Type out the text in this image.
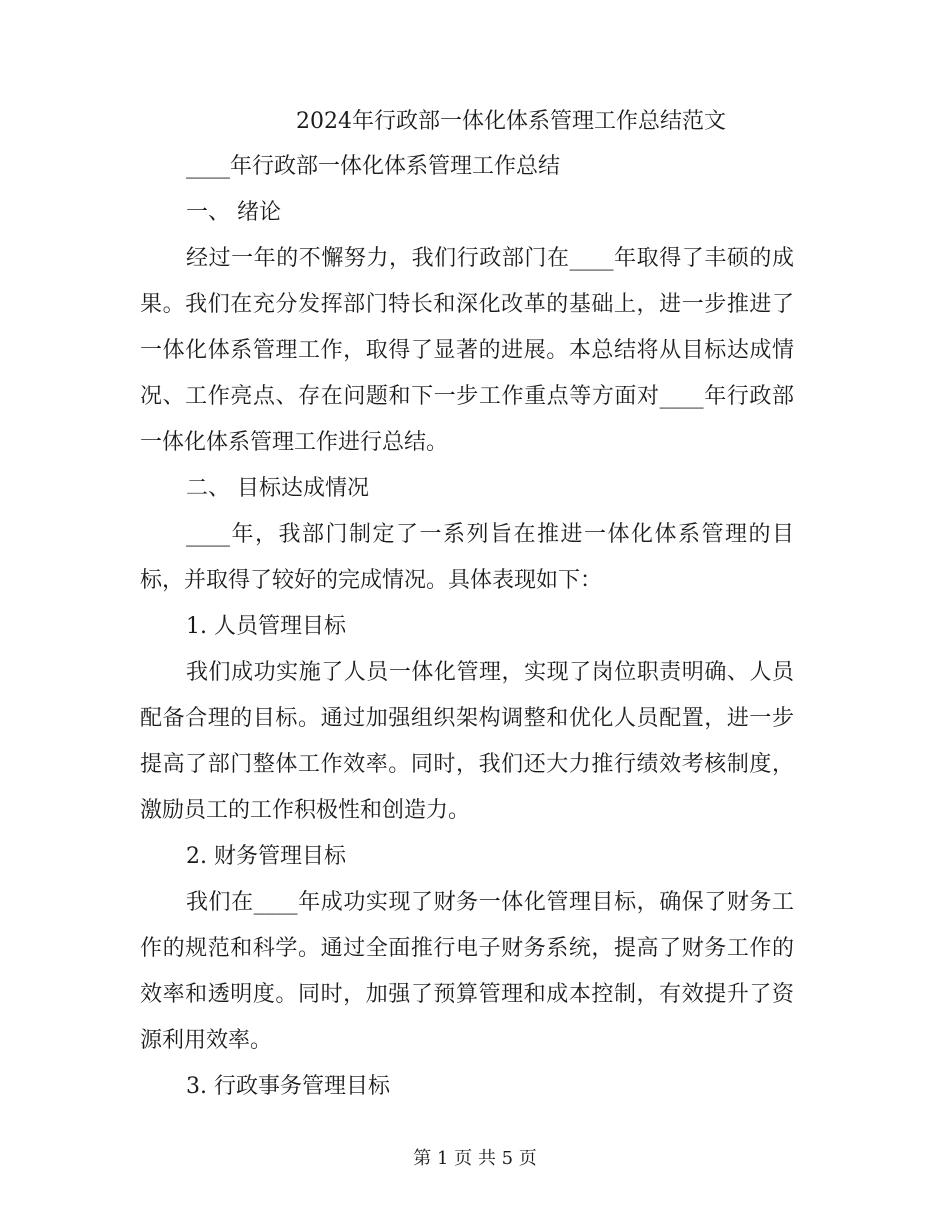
2024年行政部一体化体系管理工作总结范文

____年行政部一体化体系管理工作总结

一、 绪论

经过一年的不懈努力，我们行政部门在____年取得了丰硕的成果。我们在充分发挥部门特长和深化改革的基础上，进一步推进了一体化体系管理工作，取得了显著的进展。本总结将从目标达成情况、工作亮点、存在问题和下一步工作重点等方面对____年行政部一体化体系管理工作进行总结。

二、 目标达成情况

____年，我部门制定了一系列旨在推进一体化体系管理的目标，并取得了较好的完成情况。具体表现如下：

1. 人员管理目标

我们成功实施了人员一体化管理，实现了岗位职责明确、人员配备合理的目标。通过加强组织架构调整和优化人员配置，进一步提高了部门整体工作效率。同时，我们还大力推行绩效考核制度，激励员工的工作积极性和创造力。

2. 财务管理目标

我们在____年成功实现了财务一体化管理目标，确保了财务工作的规范和科学。通过全面推行电子财务系统，提高了财务工作的效率和透明度。同时，加强了预算管理和成本控制，有效提升了资源利用效率。

3. 行政事务管理目标

第 1 页 共 5 页
